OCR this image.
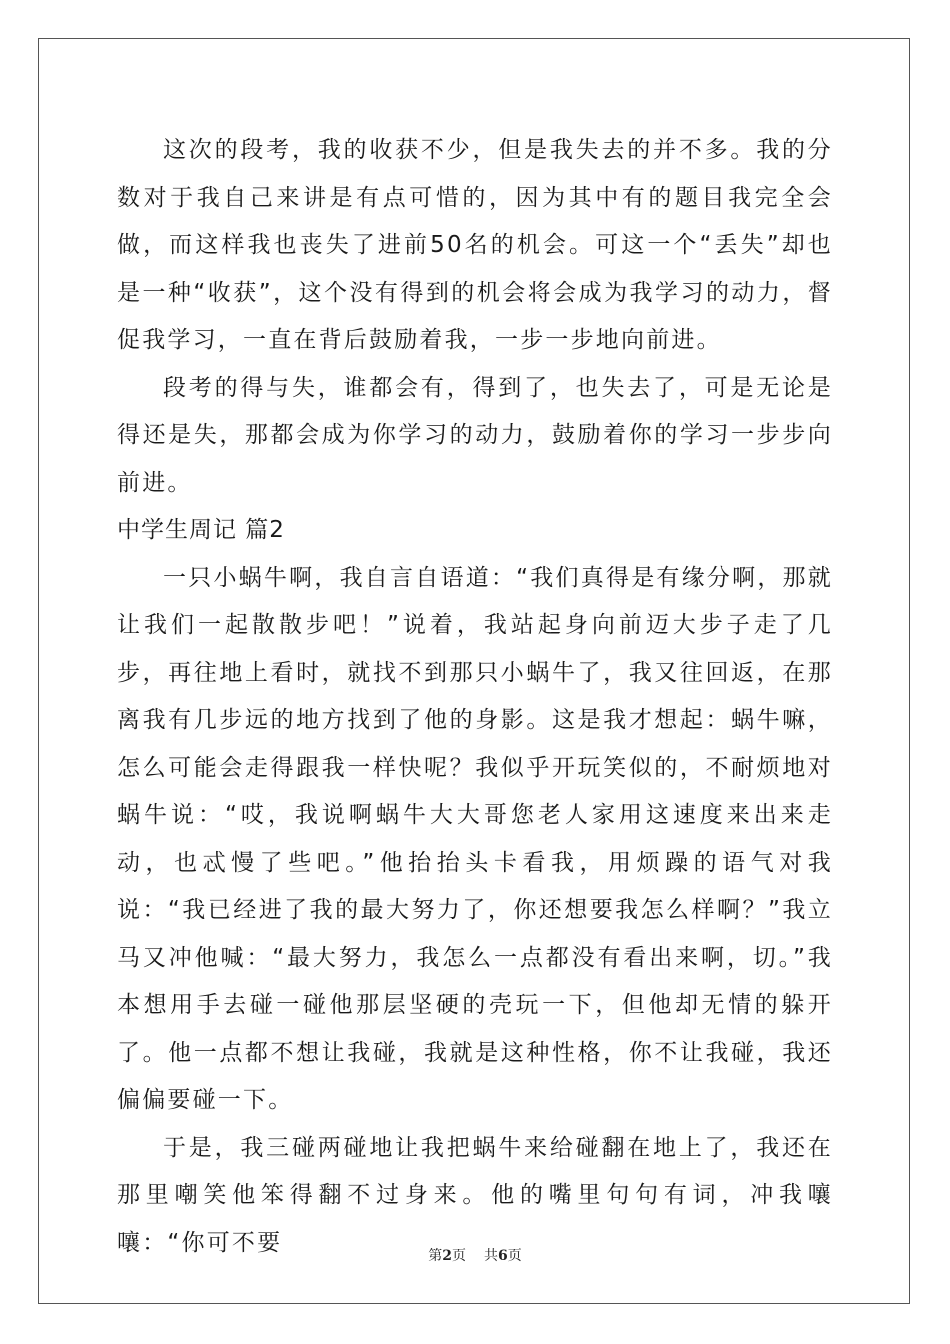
这次的段考，我的收获不少，但是我失去的并不多。我的分数对于我自己来讲是有点可惜的，因为其中有的题目我完全会做，而这样我也丧失了进前50名的机会。可这一个“丢失”却也是一种“收获”，这个没有得到的机会将会成为我学习的动力，督促我学习，一直在背后鼓励着我，一步一步地向前进。

段考的得与失，谁都会有，得到了，也失去了，可是无论是得还是失，那都会成为你学习的动力，鼓励着你的学习一步步向前进。

中学生周记 篇2

一只小蜗牛啊，我自言自语道：“我们真得是有缘分啊，那就让我们一起散散步吧！”说着，我站起身向前迈大步子走了几步，再往地上看时，就找不到那只小蜗牛了，我又往回返，在那离我有几步远的地方找到了他的身影。这是我才想起：蜗牛嘛，怎么可能会走得跟我一样快呢？我似乎开玩笑似的，不耐烦地对蜗牛说：“哎，我说啊蜗牛大大哥您老人家用这速度来出来走动，也忒慢了些吧。”他抬抬头卡看我，用烦躁的语气对我说：“我已经进了我的最大努力了，你还想要我怎么样啊？”我立马又冲他喊：“最大努力，我怎么一点都没有看出来啊，切。”我本想用手去碰一碰他那层坚硬的壳玩一下，但他却无情的躲开了。他一点都不想让我碰，我就是这种性格，你不让我碰，我还偏偏要碰一下。

于是，我三碰两碰地让我把蜗牛来给碰翻在地上了，我还在那里嘲笑他笨得翻不过身来。他的嘴里句句有词，冲我嚷嚷：“你可不要

第2页 共6页
